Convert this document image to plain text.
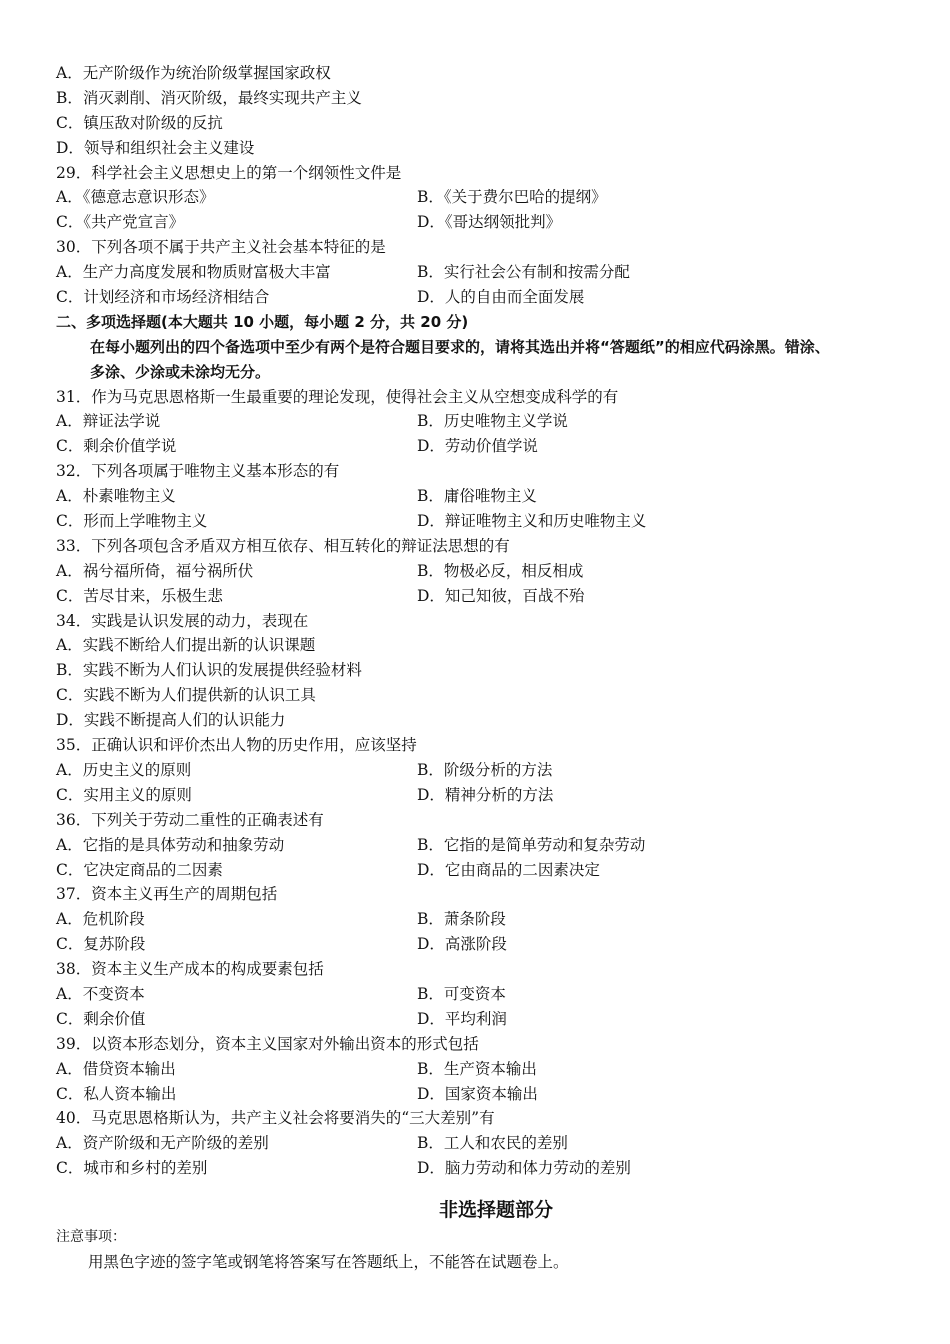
A．无产阶级作为统治阶级掌握国家政权
B．消灭剥削、消灭阶级，最终实现共产主义
C．镇压敌对阶级的反抗
D．领导和组织社会主义建设
29．科学社会主义思想史上的第一个纲领性文件是
A．《德意志意识形态》	B．《关于费尔巴哈的提纲》
C．《共产党宣言》	D．《哥达纲领批判》
30．下列各项不属于共产主义社会基本特征的是
A．生产力高度发展和物质财富极大丰富	B．实行社会公有制和按需分配
C．计划经济和市场经济相结合	D．人的自由而全面发展
二、多项选择题(本大题共 10 小题，每小题 2 分，共 20 分)
在每小题列出的四个备选项中至少有两个是符合题目要求的，请将其选出并将“答题纸”的相应代码涂黑。错涂、
多涂、少涂或未涂均无分。
31．作为马克思恩格斯一生最重要的理论发现，使得社会主义从空想变成科学的有
A．辩证法学说	B．历史唯物主义学说
C．剩余价值学说	D．劳动价值学说
32．下列各项属于唯物主义基本形态的有
A．朴素唯物主义	B．庸俗唯物主义
C．形而上学唯物主义	D．辩证唯物主义和历史唯物主义
33．下列各项包含矛盾双方相互依存、相互转化的辩证法思想的有
A．祸兮福所倚，福兮祸所伏	B．物极必反，相反相成
C．苦尽甘来，乐极生悲	D．知己知彼，百战不殆
34．实践是认识发展的动力，表现在
A．实践不断给人们提出新的认识课题
B．实践不断为人们认识的发展提供经验材料
C．实践不断为人们提供新的认识工具
D．实践不断提高人们的认识能力
35．正确认识和评价杰出人物的历史作用，应该坚持
A．历史主义的原则	B．阶级分析的方法
C．实用主义的原则	D．精神分析的方法
36．下列关于劳动二重性的正确表述有
A．它指的是具体劳动和抽象劳动	B．它指的是简单劳动和复杂劳动
C．它决定商品的二因素	D．它由商品的二因素决定
37．资本主义再生产的周期包括
A．危机阶段	B．萧条阶段
C．复苏阶段	D．高涨阶段
38．资本主义生产成本的构成要素包括
A．不变资本	B．可变资本
C．剩余价值	D．平均利润
39．以资本形态划分，资本主义国家对外输出资本的形式包括
A．借贷资本输出	B．生产资本输出
C．私人资本输出	D．国家资本输出
40．马克思恩格斯认为，共产主义社会将要消失的“三大差别”有
A．资产阶级和无产阶级的差别	B．工人和农民的差别
C．城市和乡村的差别	D．脑力劳动和体力劳动的差别
非选择题部分
注意事项：
用黑色字迹的签字笔或钢笔将答案写在答题纸上，不能答在试题卷上。
